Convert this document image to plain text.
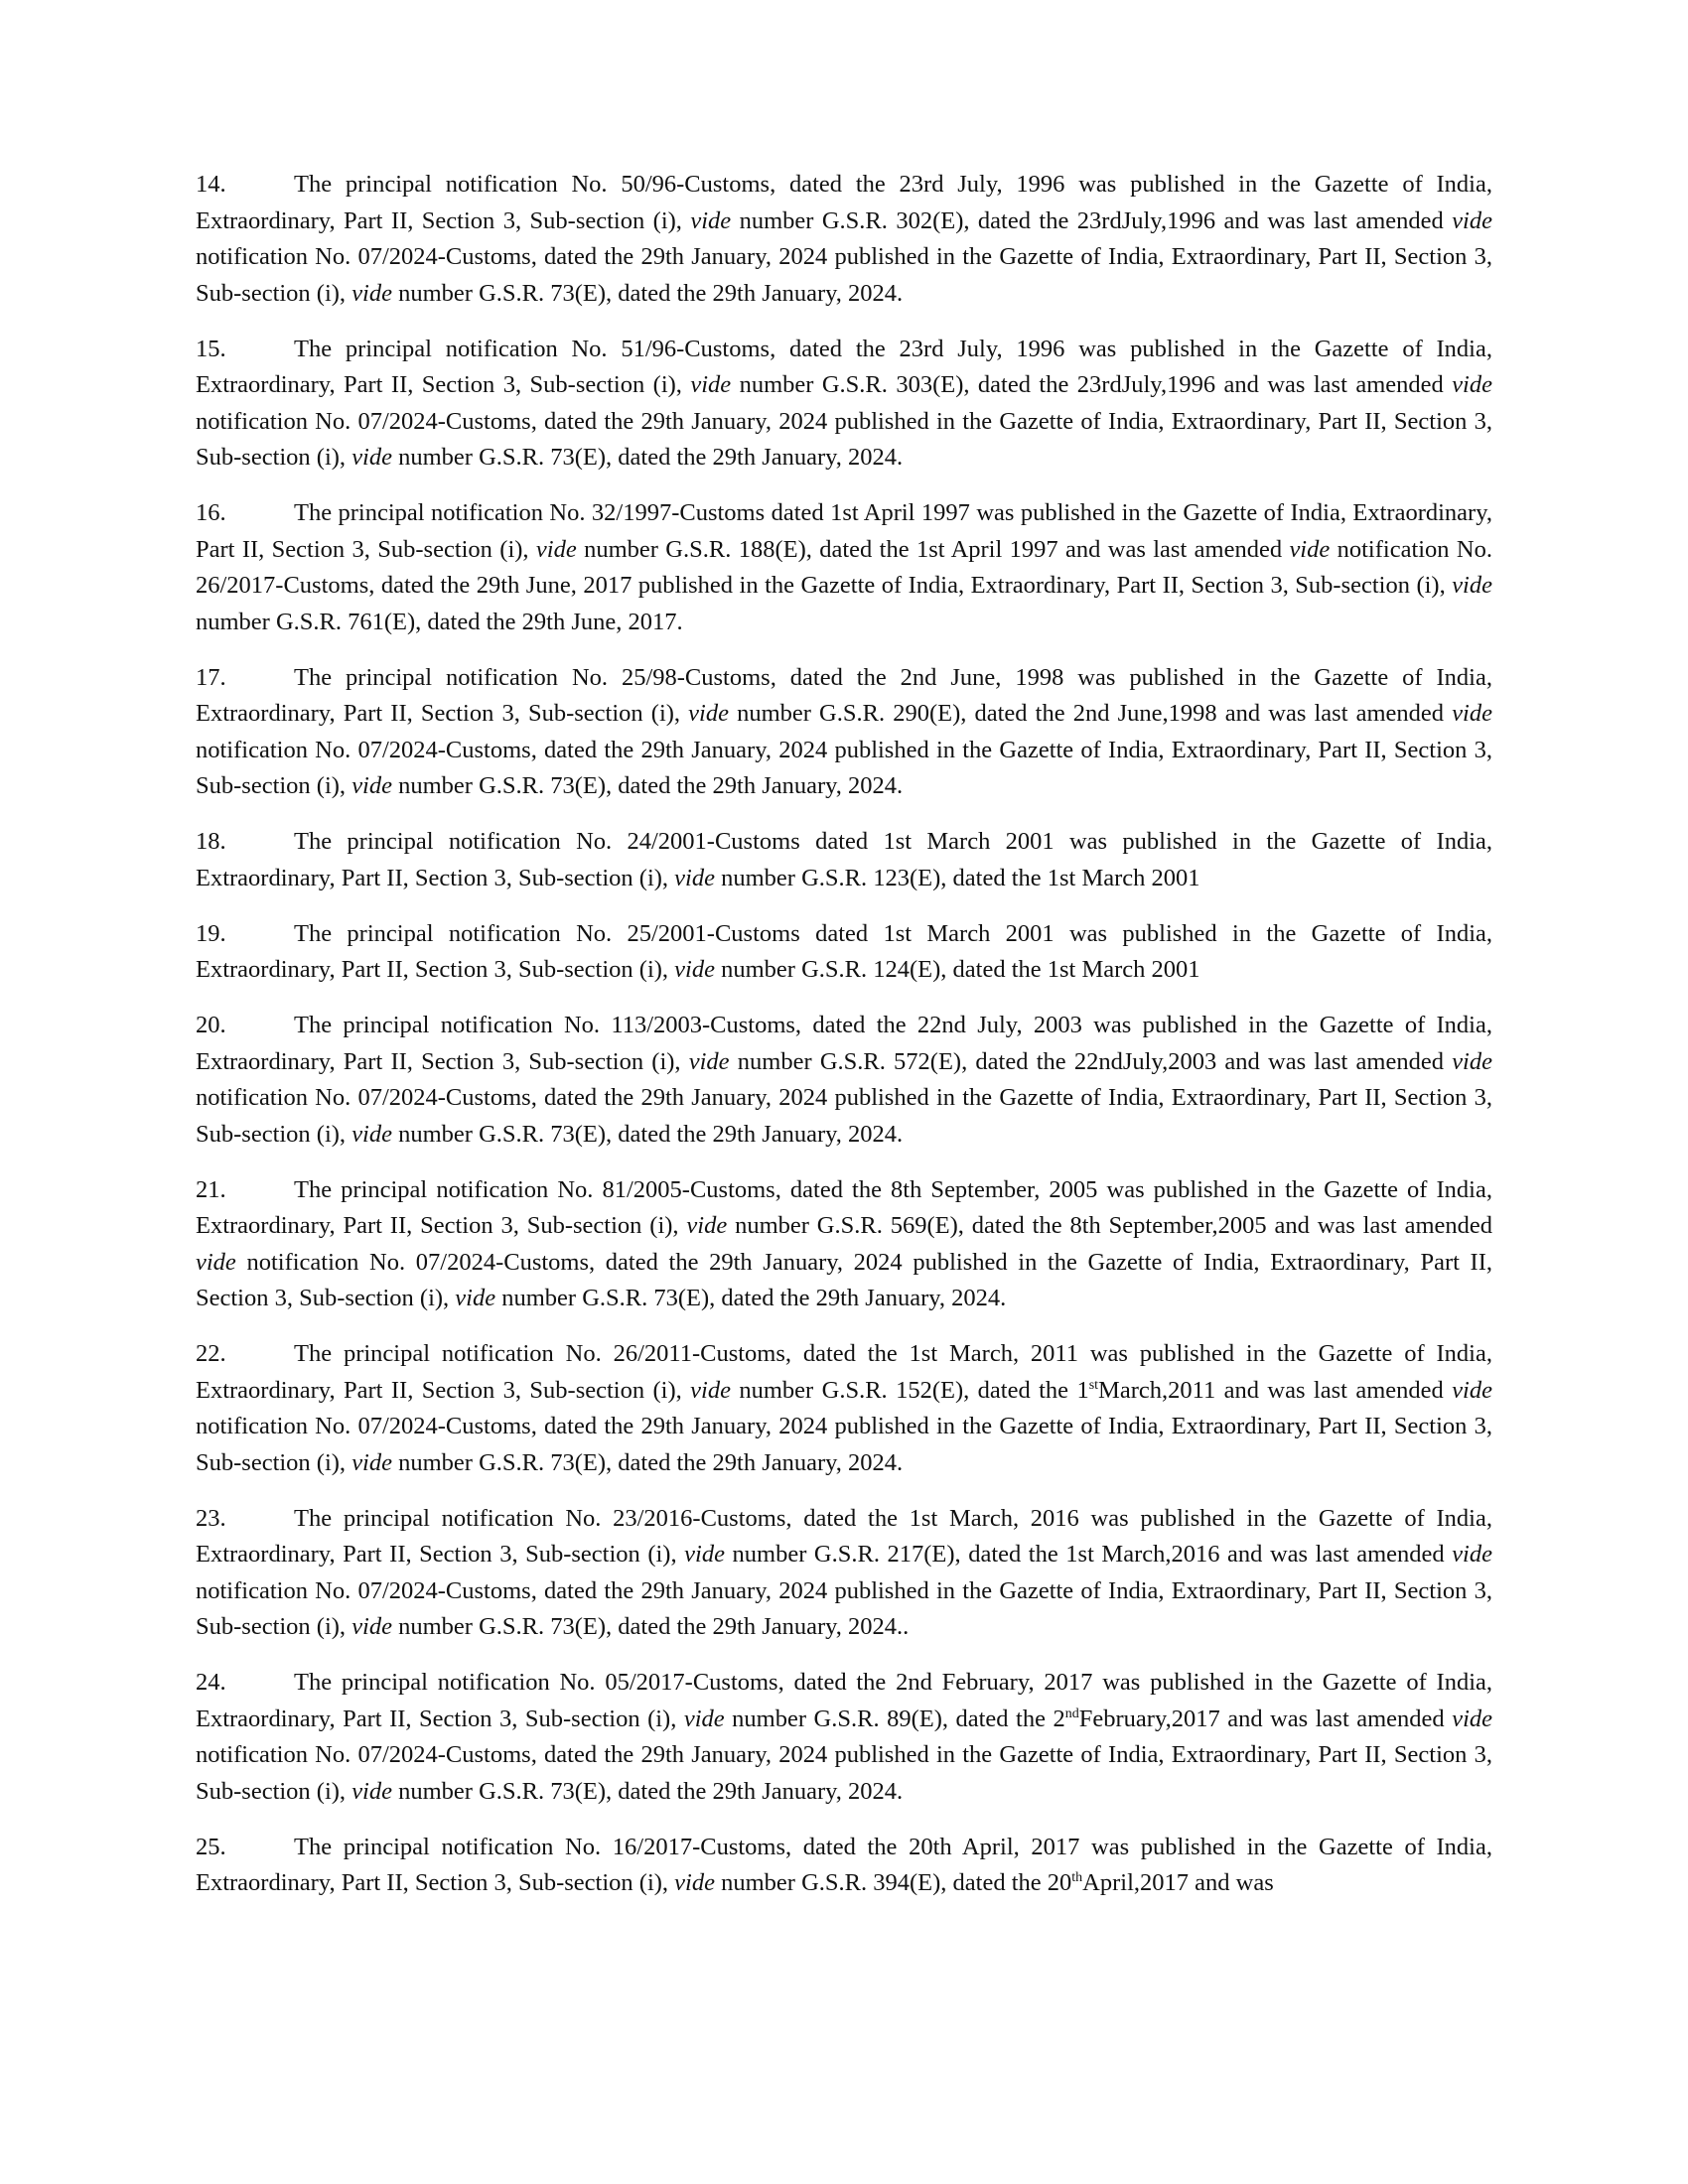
14.	The principal notification No. 50/96-Customs, dated the 23rd July, 1996 was published in the Gazette of India, Extraordinary, Part II, Section 3, Sub-section (i), vide number G.S.R. 302(E), dated the 23rdJuly,1996 and was last amended vide notification No. 07/2024-Customs, dated the 29th January, 2024 published in the Gazette of India, Extraordinary, Part II, Section 3, Sub-section (i), vide number G.S.R. 73(E), dated the 29th January, 2024.

15.	The principal notification No. 51/96-Customs, dated the 23rd July, 1996 was published in the Gazette of India, Extraordinary, Part II, Section 3, Sub-section (i), vide number G.S.R. 303(E), dated the 23rdJuly,1996 and was last amended vide notification No. 07/2024-Customs, dated the 29th January, 2024 published in the Gazette of India, Extraordinary, Part II, Section 3, Sub-section (i), vide number G.S.R. 73(E), dated the 29th January, 2024.

16.	The principal notification No. 32/1997-Customs dated 1st April 1997 was published in the Gazette of India, Extraordinary, Part II, Section 3, Sub-section (i), vide number G.S.R. 188(E), dated the 1st April 1997 and was last amended vide notification No. 26/2017-Customs, dated the 29th June, 2017 published in the Gazette of India, Extraordinary, Part II, Section 3, Sub-section (i), vide number G.S.R. 761(E), dated the 29th June, 2017.

17.	The principal notification No. 25/98-Customs, dated the 2nd June, 1998 was published in the Gazette of India, Extraordinary, Part II, Section 3, Sub-section (i), vide number G.S.R. 290(E), dated the 2nd June,1998 and was last amended vide notification No. 07/2024-Customs, dated the 29th January, 2024 published in the Gazette of India, Extraordinary, Part II, Section 3, Sub-section (i), vide number G.S.R. 73(E), dated the 29th January, 2024.

18.	The principal notification No. 24/2001-Customs dated 1st March 2001 was published in the Gazette of India, Extraordinary, Part II, Section 3, Sub-section (i), vide number G.S.R. 123(E), dated the 1st March 2001

19.	The principal notification No. 25/2001-Customs dated 1st March 2001 was published in the Gazette of India, Extraordinary, Part II, Section 3, Sub-section (i), vide number G.S.R. 124(E), dated the 1st March 2001

20.	The principal notification No. 113/2003-Customs, dated the 22nd July, 2003 was published in the Gazette of India, Extraordinary, Part II, Section 3, Sub-section (i), vide number G.S.R. 572(E), dated the 22ndJuly,2003 and was last amended vide notification No. 07/2024-Customs, dated the 29th January, 2024 published in the Gazette of India, Extraordinary, Part II, Section 3, Sub-section (i), vide number G.S.R. 73(E), dated the 29th January, 2024.

21.	The principal notification No. 81/2005-Customs, dated the 8th September, 2005 was published in the Gazette of India, Extraordinary, Part II, Section 3, Sub-section (i), vide number G.S.R. 569(E), dated the 8th September,2005 and was last amended vide notification No. 07/2024-Customs, dated the 29th January, 2024 published in the Gazette of India, Extraordinary, Part II, Section 3, Sub-section (i), vide number G.S.R. 73(E), dated the 29th January, 2024.

22.	The principal notification No. 26/2011-Customs, dated the 1st March, 2011 was published in the Gazette of India, Extraordinary, Part II, Section 3, Sub-section (i), vide number G.S.R. 152(E), dated the 1stMarch,2011 and was last amended vide notification No. 07/2024-Customs, dated the 29th January, 2024 published in the Gazette of India, Extraordinary, Part II, Section 3, Sub-section (i), vide number G.S.R. 73(E), dated the 29th January, 2024.

23.	The principal notification No. 23/2016-Customs, dated the 1st March, 2016 was published in the Gazette of India, Extraordinary, Part II, Section 3, Sub-section (i), vide number G.S.R. 217(E), dated the 1st March,2016 and was last amended vide notification No. 07/2024-Customs, dated the 29th January, 2024 published in the Gazette of India, Extraordinary, Part II, Section 3, Sub-section (i), vide number G.S.R. 73(E), dated the 29th January, 2024..

24.	The principal notification No. 05/2017-Customs, dated the 2nd February, 2017 was published in the Gazette of India, Extraordinary, Part II, Section 3, Sub-section (i), vide number G.S.R. 89(E), dated the 2ndFebruary,2017 and was last amended vide notification No. 07/2024-Customs, dated the 29th January, 2024 published in the Gazette of India, Extraordinary, Part II, Section 3, Sub-section (i), vide number G.S.R. 73(E), dated the 29th January, 2024.

25.	The principal notification No. 16/2017-Customs, dated the 20th April, 2017 was published in the Gazette of India, Extraordinary, Part II, Section 3, Sub-section (i), vide number G.S.R. 394(E), dated the 20thApril,2017 and was
